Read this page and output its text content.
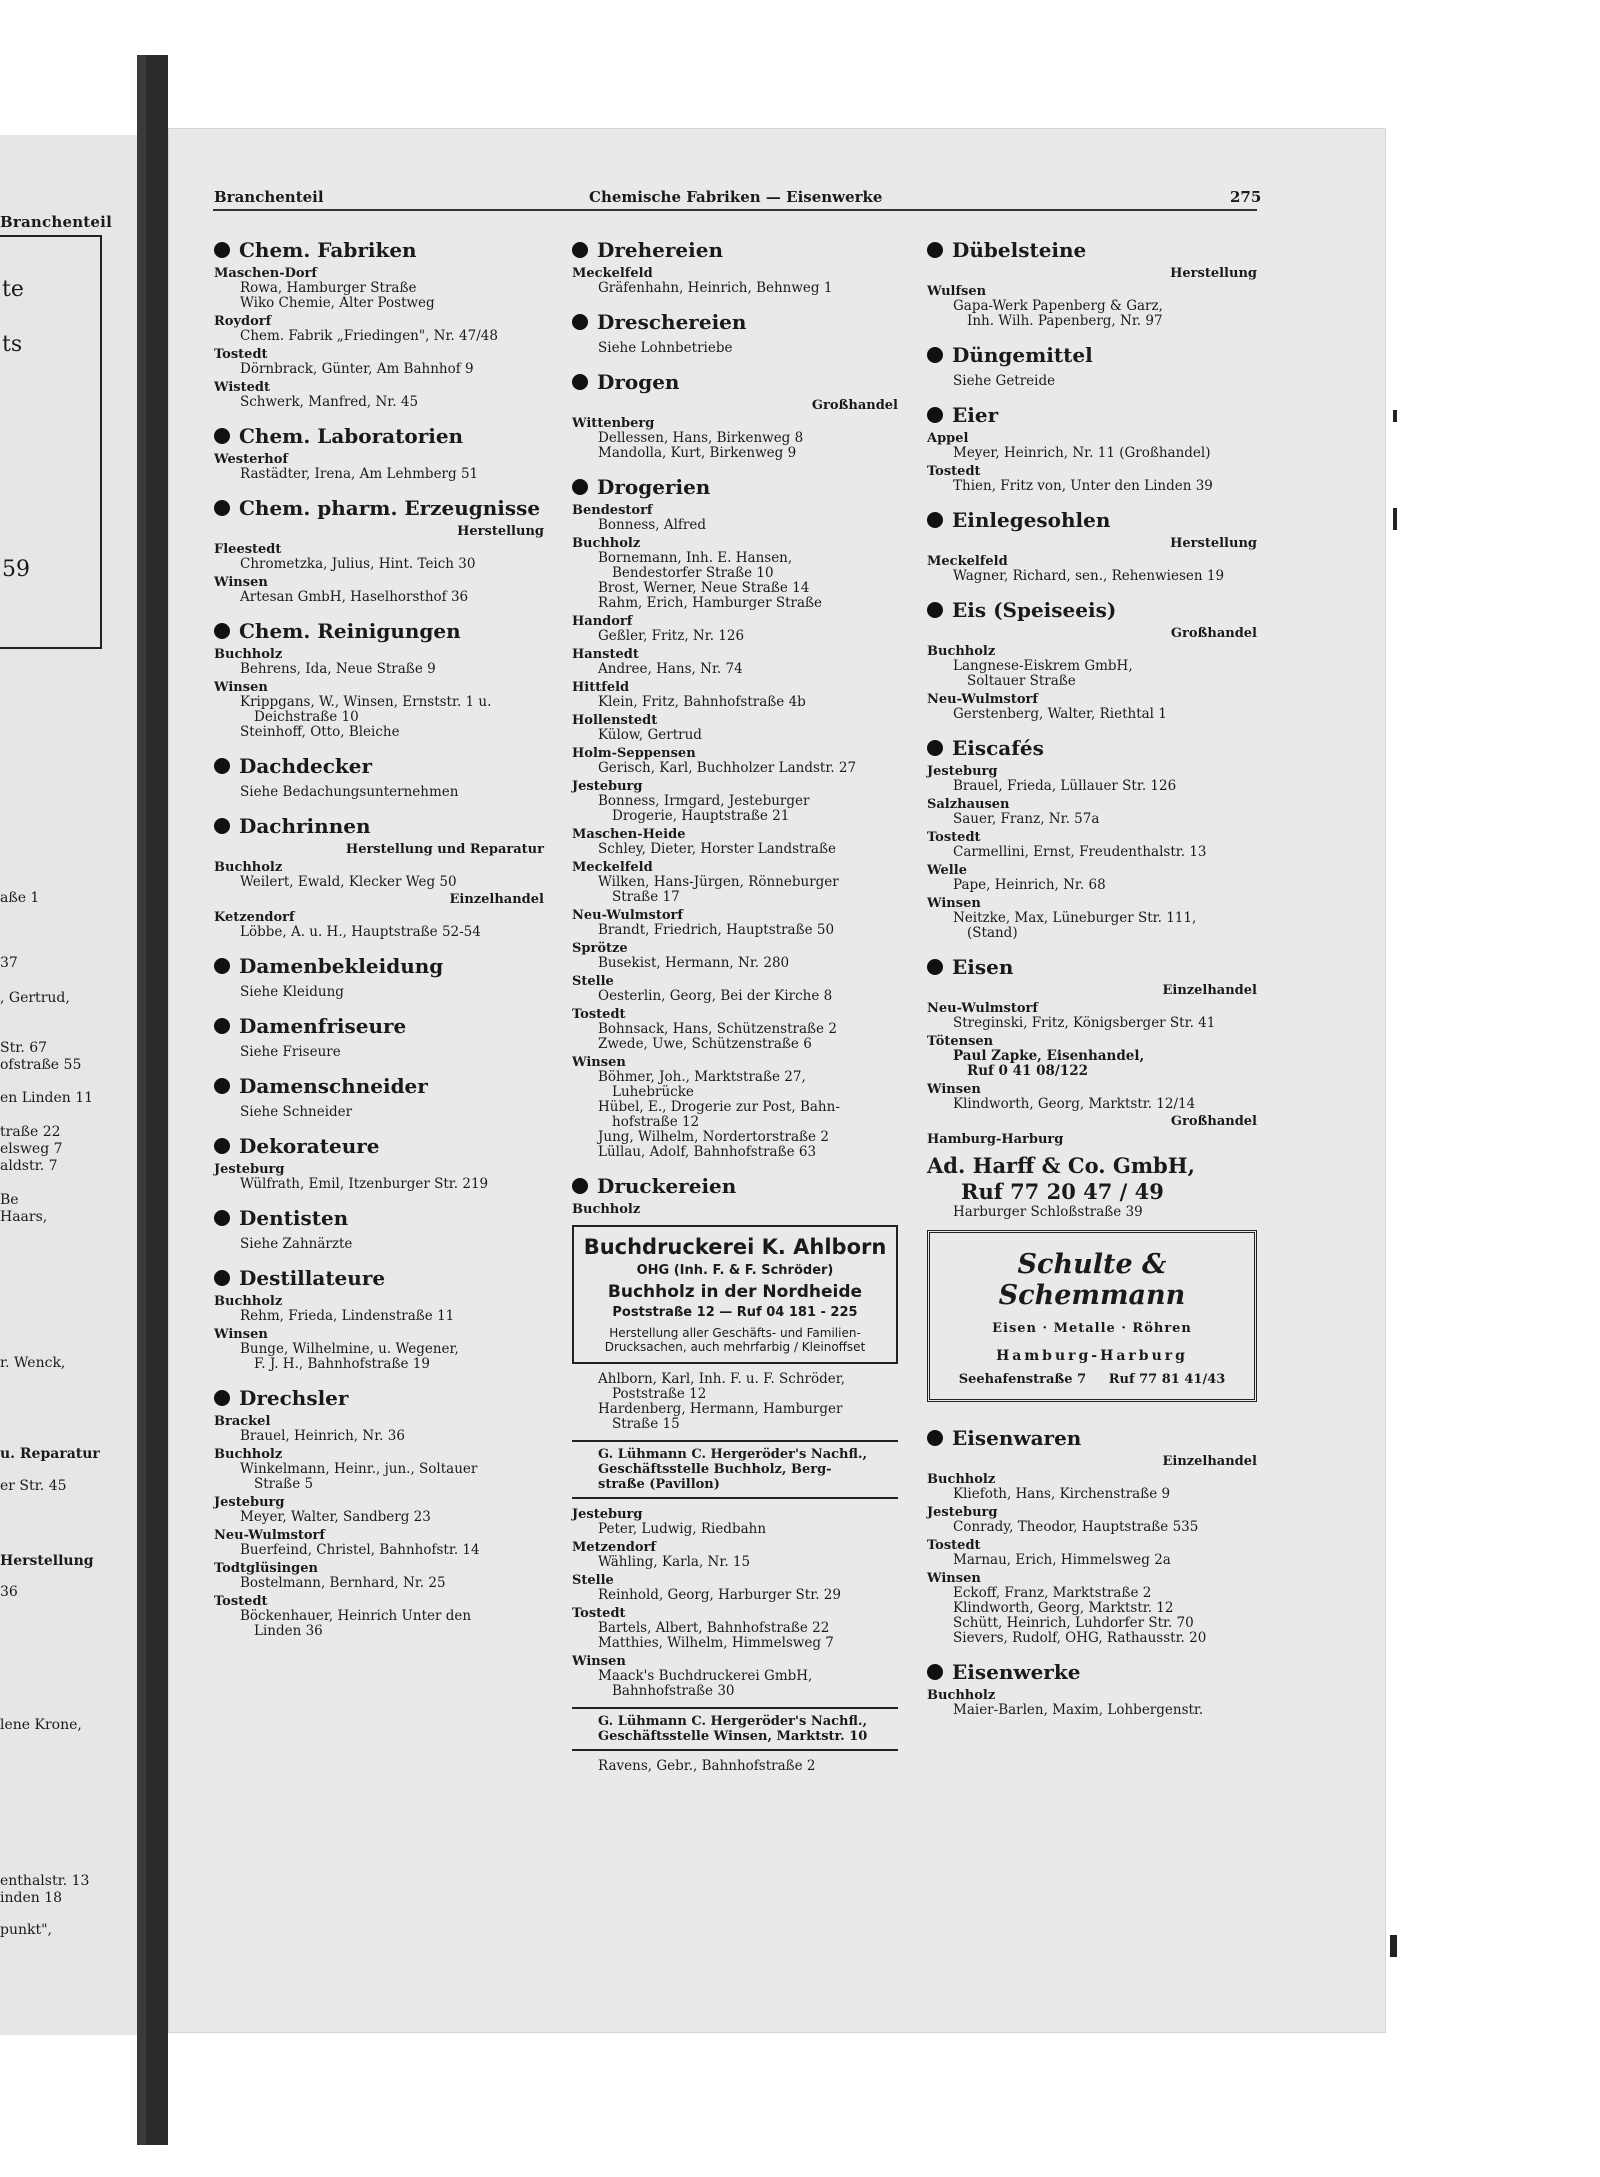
Branchenteil
te
ts
59
aße 1
37
, Gertrud,
Str. 67
ofstraße 55
en Linden 11
traße 22
elsweg 7
aldstr. 7
Be
Haars,
r. Wenck,
u. Reparatur
er Str. 45
Herstellung
36
lene Krone,
enthalstr. 13
inden 18
punkt",
Branchenteil	Chemische Fabriken — Eisenwerke	275
Chem. Fabriken
Maschen-Dorf
Rowa, Hamburger Straße
Wiko Chemie, Alter Postweg
Roydorf
Chem. Fabrik „Friedingen", Nr. 47/48
Tostedt
Dörnbrack, Günter, Am Bahnhof 9
Wistedt
Schwerk, Manfred, Nr. 45
Chem. Laboratorien
Westerhof
Rastädter, Irena, Am Lehmberg 51
Chem. pharm. Erzeugnisse
Herstellung
Fleestedt
Chrometzka, Julius, Hint. Teich 30
Winsen
Artesan GmbH, Haselhorsthof 36
Chem. Reinigungen
Buchholz
Behrens, Ida, Neue Straße 9
Winsen
Krippgans, W., Winsen, Ernststr. 1 u.
Deichstraße 10
Steinhoff, Otto, Bleiche
Dachdecker
Siehe Bedachungsunternehmen
Dachrinnen
Herstellung und Reparatur
Buchholz
Weilert, Ewald, Klecker Weg 50
Einzelhandel
Ketzendorf
Löbbe, A. u. H., Hauptstraße 52-54
Damenbekleidung
Siehe Kleidung
Damenfriseure
Siehe Friseure
Damenschneider
Siehe Schneider
Dekorateure
Jesteburg
Wülfrath, Emil, Itzenburger Str. 219
Dentisten
Siehe Zahnärzte
Destillateure
Buchholz
Rehm, Frieda, Lindenstraße 11
Winsen
Bunge, Wilhelmine, u. Wegener,
F. J. H., Bahnhofstraße 19
Drechsler
Brackel
Brauel, Heinrich, Nr. 36
Buchholz
Winkelmann, Heinr., jun., Soltauer
Straße 5
Jesteburg
Meyer, Walter, Sandberg 23
Neu-Wulmstorf
Buerfeind, Christel, Bahnhofstr. 14
Todtglüsingen
Bostelmann, Bernhard, Nr. 25
Tostedt
Böckenhauer, Heinrich Unter den
Linden 36
Drehereien
Meckelfeld
Gräfenhahn, Heinrich, Behnweg 1
Dreschereien
Siehe Lohnbetriebe
Drogen
Großhandel
Wittenberg
Dellessen, Hans, Birkenweg 8
Mandolla, Kurt, Birkenweg 9
Drogerien
Bendestorf
Bonness, Alfred
Buchholz
Bornemann, Inh. E. Hansen,
Bendestorfer Straße 10
Brost, Werner, Neue Straße 14
Rahm, Erich, Hamburger Straße
Handorf
Geßler, Fritz, Nr. 126
Hanstedt
Andree, Hans, Nr. 74
Hittfeld
Klein, Fritz, Bahnhofstraße 4b
Hollenstedt
Külow, Gertrud
Holm-Seppensen
Gerisch, Karl, Buchholzer Landstr. 27
Jesteburg
Bonness, Irmgard, Jesteburger
Drogerie, Hauptstraße 21
Maschen-Heide
Schley, Dieter, Horster Landstraße
Meckelfeld
Wilken, Hans-Jürgen, Rönneburger
Straße 17
Neu-Wulmstorf
Brandt, Friedrich, Hauptstraße 50
Sprötze
Busekist, Hermann, Nr. 280
Stelle
Oesterlin, Georg, Bei der Kirche 8
Tostedt
Bohnsack, Hans, Schützenstraße 2
Zwede, Uwe, Schützenstraße 6
Winsen
Böhmer, Joh., Marktstraße 27,
Luhebrücke
Hübel, E., Drogerie zur Post, Bahn-
hofstraße 12
Jung, Wilhelm, Nordertorstraße 2
Lüllau, Adolf, Bahnhofstraße 63
Druckereien
Buchholz
Buchdruckerei K. Ahlborn
OHG (Inh. F. & F. Schröder)
Buchholz in der Nordheide
Poststraße 12 — Ruf 04 181 - 225
Herstellung aller Geschäfts- und Familien-
Drucksachen, auch mehrfarbig / Kleinoffset
Ahlborn, Karl, Inh. F. u. F. Schröder,
Poststraße 12
Hardenberg, Hermann, Hamburger
Straße 15
G. Lühmann C. Hergeröder's Nachfl.,
Geschäftsstelle Buchholz, Berg-
straße (Pavillon)
Jesteburg
Peter, Ludwig, Riedbahn
Metzendorf
Wähling, Karla, Nr. 15
Stelle
Reinhold, Georg, Harburger Str. 29
Tostedt
Bartels, Albert, Bahnhofstraße 22
Matthies, Wilhelm, Himmelsweg 7
Winsen
Maack's Buchdruckerei GmbH,
Bahnhofstraße 30
G. Lühmann C. Hergeröder's Nachfl.,
Geschäftsstelle Winsen, Marktstr. 10
Ravens, Gebr., Bahnhofstraße 2
Dübelsteine
Herstellung
Wulfsen
Gapa-Werk Papenberg & Garz,
Inh. Wilh. Papenberg, Nr. 97
Düngemittel
Siehe Getreide
Eier
Appel
Meyer, Heinrich, Nr. 11 (Großhandel)
Tostedt
Thien, Fritz von, Unter den Linden 39
Einlegesohlen
Herstellung
Meckelfeld
Wagner, Richard, sen., Rehenwiesen 19
Eis (Speiseeis)
Großhandel
Buchholz
Langnese-Eiskrem GmbH,
Soltauer Straße
Neu-Wulmstorf
Gerstenberg, Walter, Riethtal 1
Eiscafés
Jesteburg
Brauel, Frieda, Lüllauer Str. 126
Salzhausen
Sauer, Franz, Nr. 57a
Tostedt
Carmellini, Ernst, Freudenthalstr. 13
Welle
Pape, Heinrich, Nr. 68
Winsen
Neitzke, Max, Lüneburger Str. 111,
(Stand)
Eisen
Einzelhandel
Neu-Wulmstorf
Streginski, Fritz, Königsberger Str. 41
Tötensen
Paul Zapke, Eisenhandel,
Ruf 0 41 08/122
Winsen
Klindworth, Georg, Marktstr. 12/14
Großhandel
Hamburg-Harburg
Ad. Harff & Co. GmbH,
Ruf 77 20 47 / 49
Harburger Schloßstraße 39
Schulte & Schemmann
Eisen · Metalle · Röhren
Hamburg-Harburg
Seehafenstraße 7     Ruf 77 81 41/43
Eisenwaren
Einzelhandel
Buchholz
Kliefoth, Hans, Kirchenstraße 9
Jesteburg
Conrady, Theodor, Hauptstraße 535
Tostedt
Marnau, Erich, Himmelsweg 2a
Winsen
Eckoff, Franz, Marktstraße 2
Klindworth, Georg, Marktstr. 12
Schütt, Heinrich, Luhdorfer Str. 70
Sievers, Rudolf, OHG, Rathausstr. 20
Eisenwerke
Buchholz
Maier-Barlen, Maxim, Lohbergenstr.
